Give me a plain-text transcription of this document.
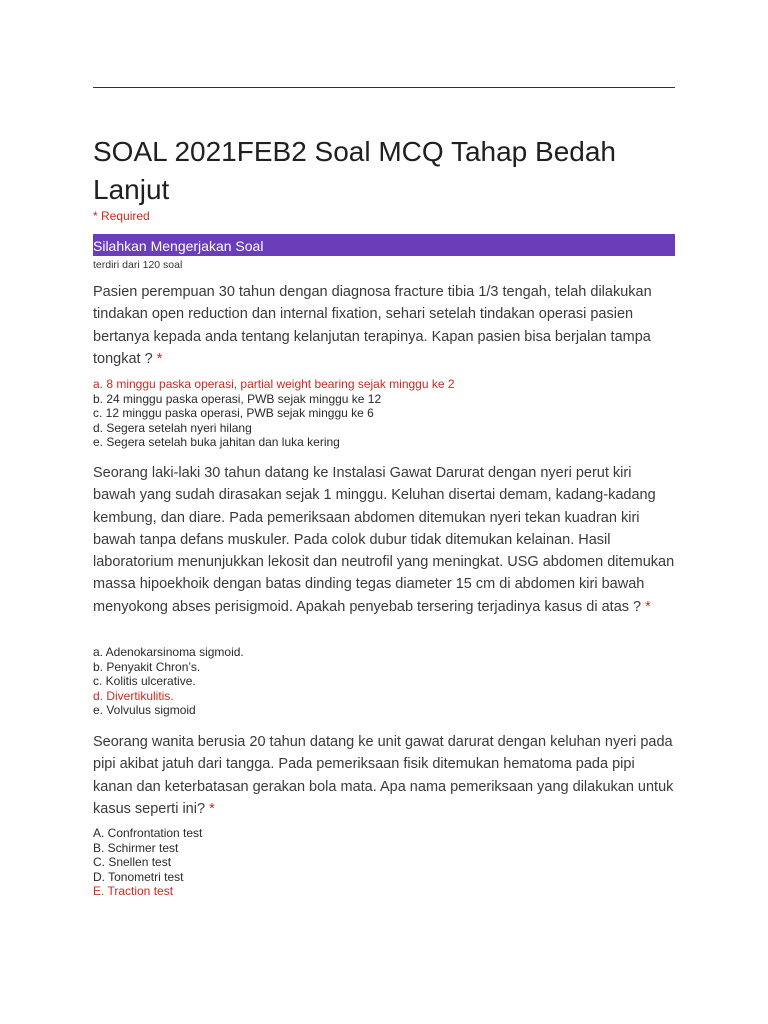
SOAL 2021FEB2 Soal MCQ Tahap Bedah Lanjut
* Required
Silahkan Mengerjakan Soal
terdiri dari 120 soal
Pasien perempuan 30 tahun dengan diagnosa fracture tibia 1/3 tengah, telah dilakukan tindakan open reduction dan internal fixation, sehari setelah tindakan operasi pasien bertanya kepada anda tentang kelanjutan terapinya. Kapan pasien bisa berjalan tampa tongkat ? *
a. 8 minggu paska operasi, partial weight bearing sejak minggu ke 2
b. 24 minggu paska operasi, PWB sejak minggu ke 12
c. 12 minggu paska operasi, PWB sejak minggu ke 6
d. Segera setelah nyeri hilang
e. Segera setelah buka jahitan dan luka kering
Seorang laki-laki 30 tahun datang ke Instalasi Gawat Darurat dengan nyeri perut kiri bawah yang sudah dirasakan sejak 1 minggu. Keluhan disertai demam, kadang-kadang kembung, dan diare. Pada pemeriksaan abdomen ditemukan nyeri tekan kuadran kiri bawah tanpa defans muskuler. Pada colok dubur tidak ditemukan kelainan. Hasil laboratorium menunjukkan lekosit dan neutrofil yang meningkat. USG abdomen ditemukan massa hipoekhoik dengan batas dinding tegas diameter 15 cm di abdomen kiri bawah menyokong abses perisigmoid. Apakah penyebab tersering terjadinya kasus di atas ? *
a. Adenokarsinoma sigmoid.
b. Penyakit Chron’s.
c. Kolitis ulcerative.
d. Divertikulitis.
e. Volvulus sigmoid
Seorang wanita berusia 20 tahun datang ke unit gawat darurat dengan keluhan nyeri pada pipi akibat jatuh dari tangga. Pada pemeriksaan fisik ditemukan hematoma pada pipi kanan dan keterbatasan gerakan bola mata. Apa nama pemeriksaan yang dilakukan untuk kasus seperti ini? *
A. Confrontation test
B. Schirmer test
C. Snellen test
D. Tonometri test
E. Traction test
